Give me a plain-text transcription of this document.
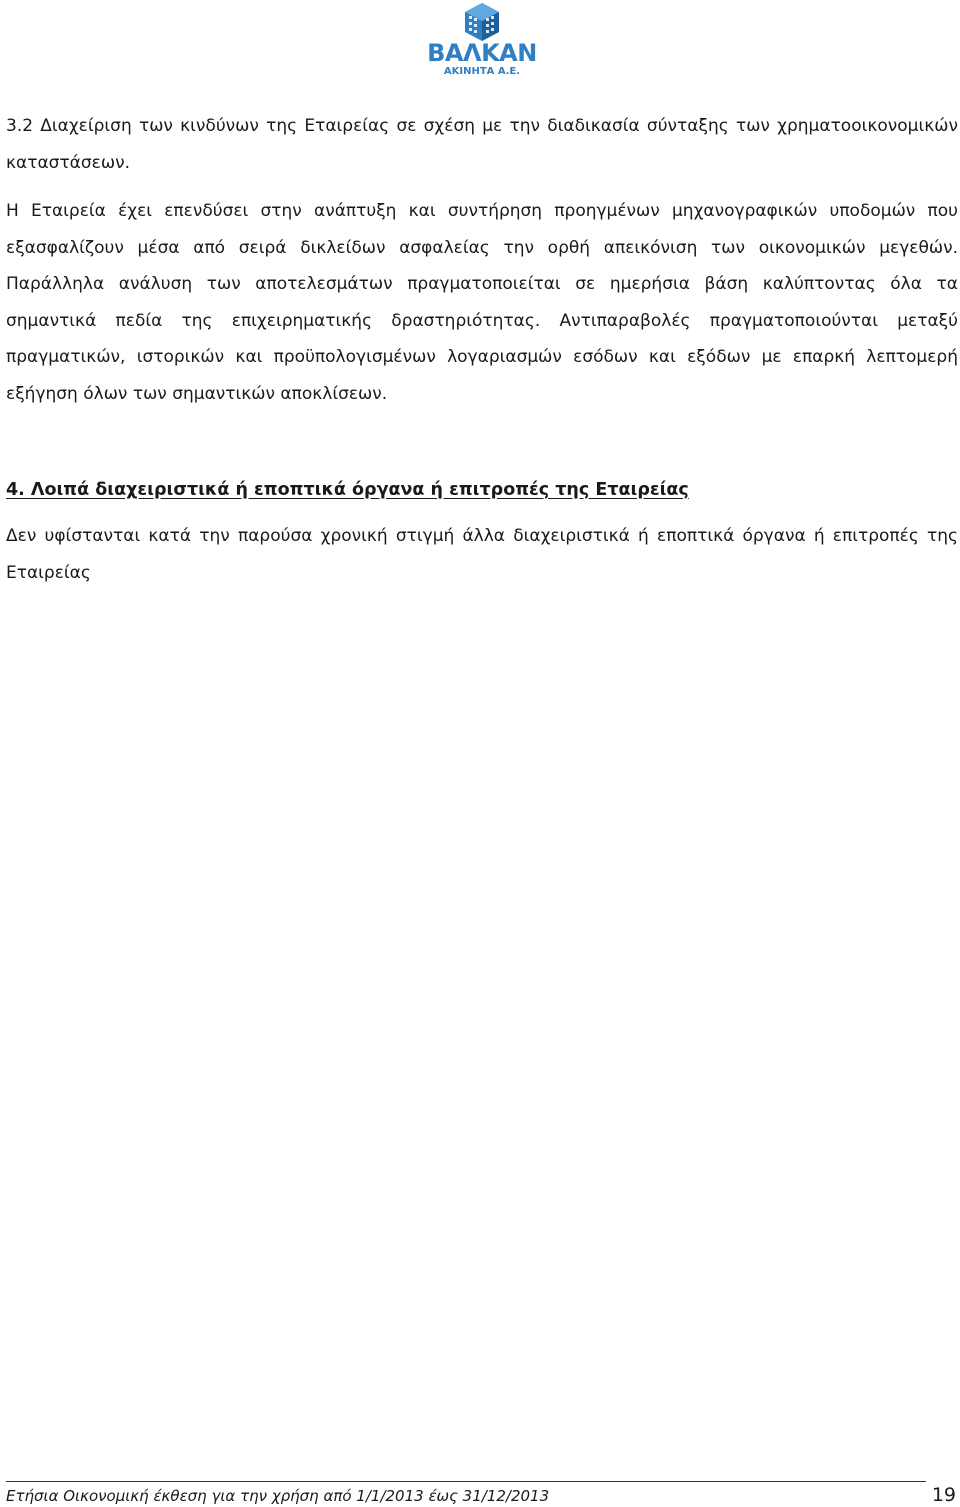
ΒΑΛΚΑΝ
ΑΚΙΝΗΤΑ Α.Ε.
3.2 Διαχείριση των κινδύνων της Εταιρείας σε σχέση με την διαδικασία σύνταξης των χρηματοοικονομικών καταστάσεων.
Η Εταιρεία έχει επενδύσει στην ανάπτυξη και συντήρηση προηγμένων μηχανογραφικών υποδομών που εξασφαλίζουν μέσα από σειρά δικλείδων ασφαλείας την ορθή απεικόνιση των οικονομικών μεγεθών. Παράλληλα ανάλυση των αποτελεσμάτων πραγματοποιείται σε ημερήσια βάση καλύπτοντας όλα τα σημαντικά πεδία της επιχειρηματικής δραστηριότητας. Αντιπαραβολές πραγματοποιούνται μεταξύ πραγματικών, ιστορικών και προϋπολογισμένων λογαριασμών εσόδων και εξόδων με επαρκή λεπτομερή εξήγηση όλων των σημαντικών αποκλίσεων.
4. Λοιπά διαχειριστικά ή εποπτικά όργανα ή επιτροπές της Εταιρείας
Δεν υφίστανται κατά την παρούσα χρονική στιγμή άλλα διαχειριστικά ή εποπτικά όργανα ή επιτροπές της Εταιρείας
Ετήσια Οικονομική έκθεση για την χρήση από 1/1/2013 έως 31/12/2013	19
